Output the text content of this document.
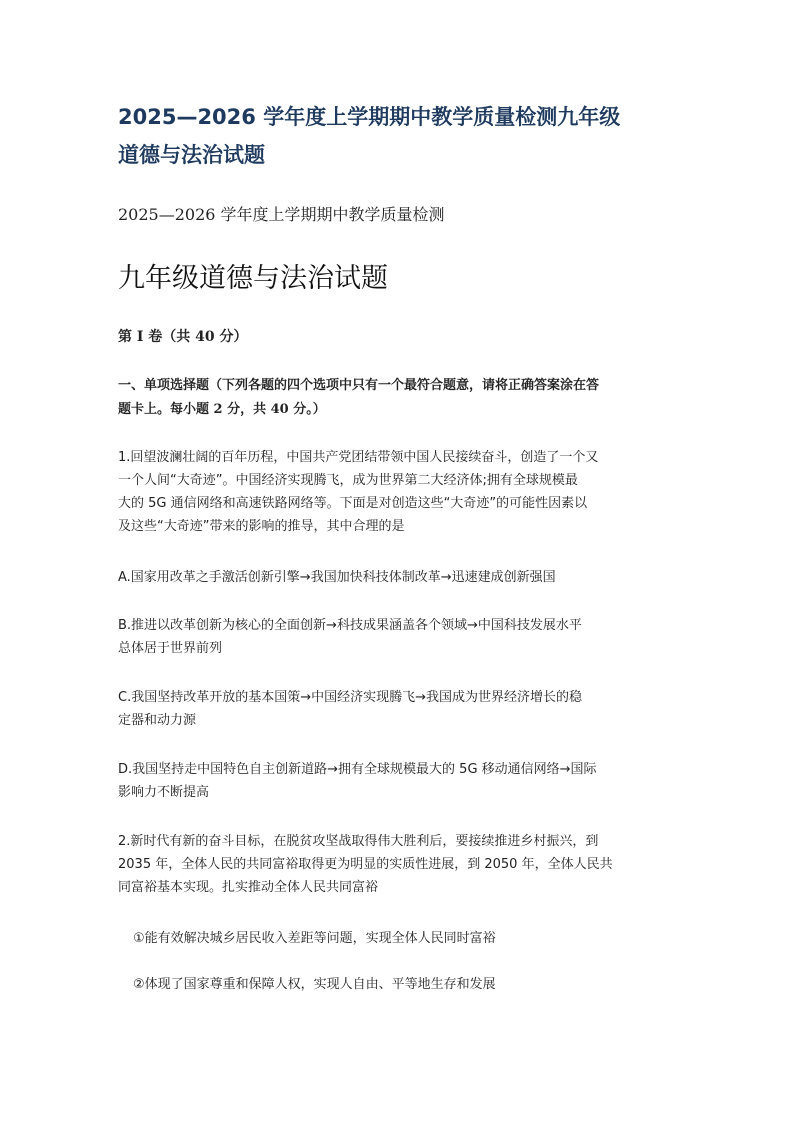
2025—2026 学年度上学期期中教学质量检测九年级
道德与法治试题
2025—2026 学年度上学期期中教学质量检测
九年级道德与法治试题
第 I 卷（共 40 分）
一、单项选择题（下列各题的四个选项中只有一个最符合题意，请将正确答案涂在答
题卡上。每小题 2 分，共 40 分。）
1.回望波澜壮阔的百年历程，中国共产党团结带领中国人民接续奋斗，创造了一个又
一个人间“大奇迹”。中国经济实现腾飞，成为世界第二大经济体;拥有全球规模最
大的 5G 通信网络和高速铁路网络等。下面是对创造这些“大奇迹”的可能性因素以
及这些“大奇迹”带来的影响的推导，其中合理的是
A.国家用改革之手激活创新引擎→我国加快科技体制改革→迅速建成创新强国
B.推进以改革创新为核心的全面创新→科技成果涵盖各个领域→中国科技发展水平
总体居于世界前列
C.我国坚持改革开放的基本国策→中国经济实现腾飞→我国成为世界经济增长的稳
定器和动力源
D.我国坚持走中国特色自主创新道路→拥有全球规模最大的 5G 移动通信网络→国际
影响力不断提高
2.新时代有新的奋斗目标，在脱贫攻坚战取得伟大胜利后，要接续推进乡村振兴，到
2035 年，全体人民的共同富裕取得更为明显的实质性进展，到 2050 年，全体人民共
同富裕基本实现。扎实推动全体人民共同富裕
①能有效解决城乡居民收入差距等问题，实现全体人民同时富裕
②体现了国家尊重和保障人权，实现人自由、平等地生存和发展
